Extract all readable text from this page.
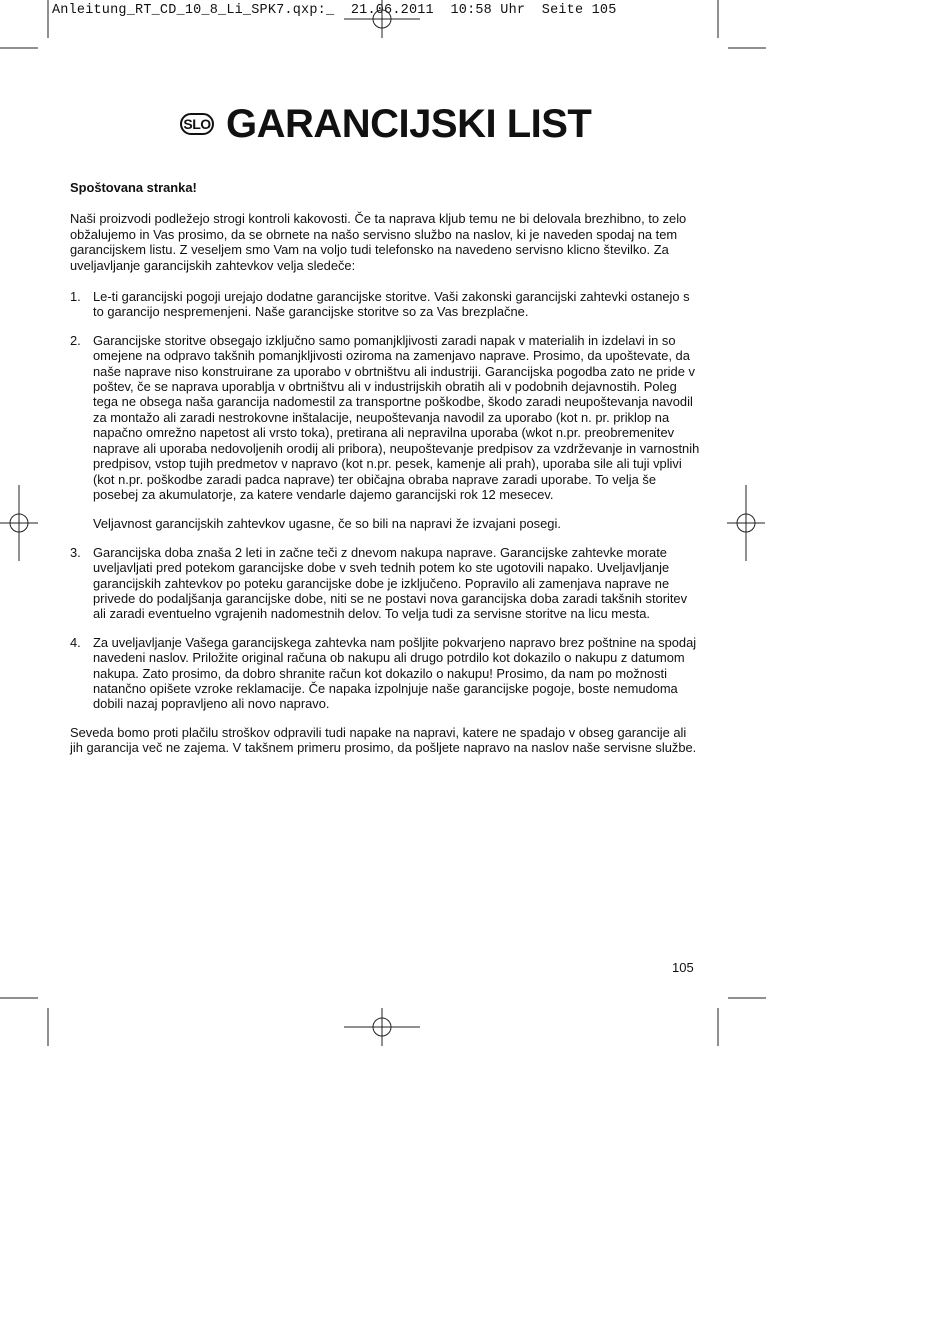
Anleitung_RT_CD_10_8_Li_SPK7.qxp:_  21.06.2011  10:58 Uhr  Seite 105
SLO GARANCIJSKI LIST

Spoštovana stranka!

Naši proizvodi podležejo strogi kontroli kakovosti. Če ta naprava kljub temu ne bi delovala brezhibno, to zelo obžalujemo in Vas prosimo, da se obrnete na našo servisno službo na naslov, ki je naveden spodaj na tem garancijskem listu. Z veseljem smo Vam na voljo tudi telefonsko na navedeno servisno klicno številko. Za uveljavljanje garancijskih zahtevkov velja sledeče:

1. Le-ti garancijski pogoji urejajo dodatne garancijske storitve. Vaši zakonski garancijski zahtevki ostanejo s to garancijo nespremenjeni. Naše garancijske storitve so za Vas brezplačne.

2. Garancijske storitve obsegajo izključno samo pomanjkljivosti zaradi napak v materialih in izdelavi in so omejene na odpravo takšnih pomanjkljivosti oziroma na zamenjavo naprave. Prosimo, da upoštevate, da naše naprave niso konstruirane za uporabo v obrtništvu ali industriji. Garancijska pogodba zato ne pride v poštev, če se naprava uporablja v obrtništvu ali v industrijskih obratih ali v podobnih dejavnostih. Poleg tega ne obsega naša garancija nadomestil za transportne poškodbe, škodo zaradi neupoštevanja navodil za montažo ali zaradi nestrokovne inštalacije, neupoštevanja navodil za uporabo (kot n. pr. priklop na napačno omrežno napetost ali vrsto toka), pretirana ali nepravilna uporaba (wkot n.pr. preobremenitev naprave ali uporaba nedovoljenih orodij ali pribora), neupoštevanje predpisov za vzdrževanje in varnostnih predpisov, vstop tujih predmetov v napravo (kot n.pr. pesek, kamenje ali prah), uporaba sile ali tuji vplivi (kot n.pr. poškodbe zaradi padca naprave) ter običajna obraba naprave zaradi uporabe. To velja še posebej za akumulatorje, za katere vendarle dajemo garancijski rok 12 mesecev.

Veljavnost garancijskih zahtevkov ugasne, če so bili na napravi že izvajani posegi.

3. Garancijska doba znaša 2 leti in začne teči z dnevom nakupa naprave. Garancijske zahtevke morate uveljavljati pred potekom garancijske dobe v sveh tednih potem ko ste ugotovili napako. Uveljavljanje garancijskih zahtevkov po poteku garancijske dobe je izključeno. Popravilo ali zamenjava naprave ne privede do podaljšanja garancijske dobe, niti se ne postavi nova garancijska doba zaradi takšnih storitev ali zaradi eventuelno vgrajenih nadomestnih delov. To velja tudi za servisne storitve na licu mesta.

4. Za uveljavljanje Vašega garancijskega zahtevka nam pošljite pokvarjeno napravo brez poštnine na spodaj navedeni naslov. Priložite original računa ob nakupu ali drugo potrdilo kot dokazilo o nakupu z datumom nakupa. Zato prosimo, da dobro shranite račun kot dokazilo o nakupu! Prosimo, da nam po možnosti natančno opišete vzroke reklamacije. Če napaka izpolnjuje naše garancijske pogoje, boste nemudoma dobili nazaj popravljeno ali novo napravo.

Seveda bomo proti plačilu stroškov odpravili tudi napake na napravi, katere ne spadajo v obseg garancije ali jih garancija več ne zajema. V takšnem primeru prosimo, da pošljete napravo na naslov naše servisne službe.

105
